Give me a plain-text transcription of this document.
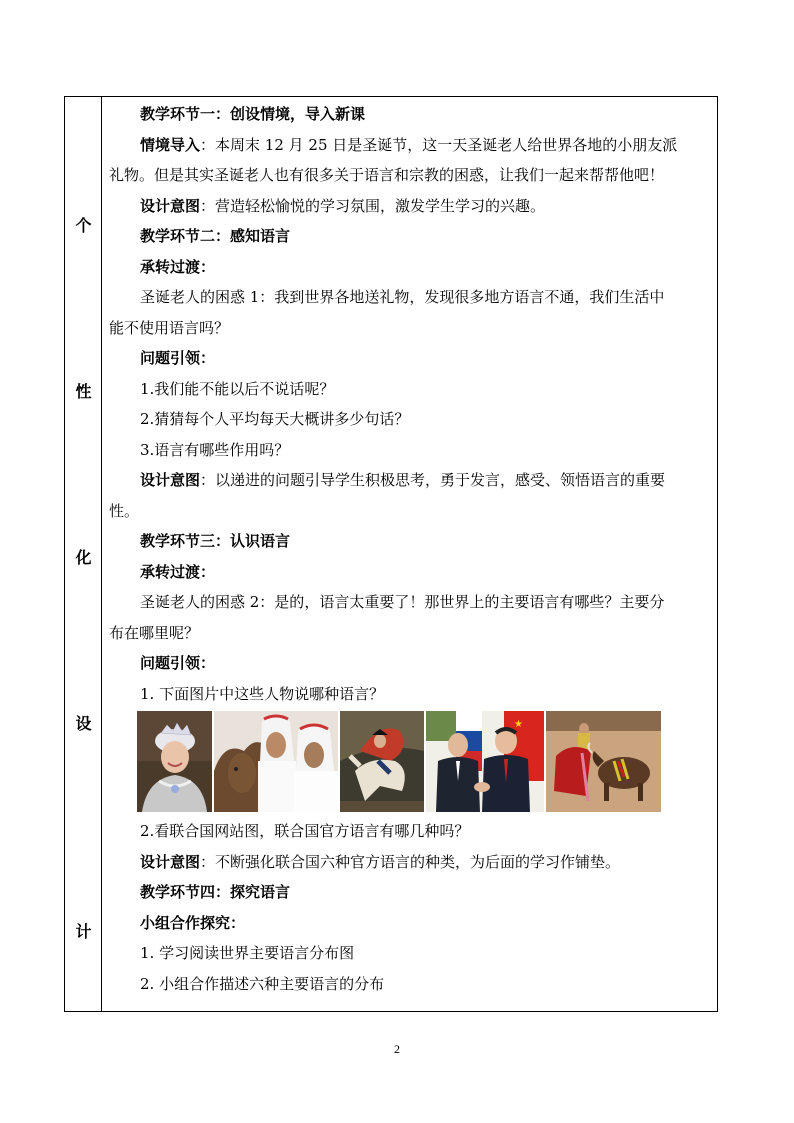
个
性
化
设
计
教学环节一：创设情境，导入新课
情境导入：本周末 12 月 25 日是圣诞节，这一天圣诞老人给世界各地的小朋友派
礼物。但是其实圣诞老人也有很多关于语言和宗教的困惑，让我们一起来帮帮他吧！
设计意图：营造轻松愉悦的学习氛围，激发学生学习的兴趣。
教学环节二：感知语言
承转过渡：
圣诞老人的困惑 1：我到世界各地送礼物，发现很多地方语言不通，我们生活中
能不使用语言吗？
问题引领：
1.我们能不能以后不说话呢？
2.猜猜每个人平均每天大概讲多少句话？
3.语言有哪些作用吗？
设计意图：以递进的问题引导学生积极思考，勇于发言，感受、领悟语言的重要
性。
教学环节三：认识语言
承转过渡：
圣诞老人的困惑 2：是的，语言太重要了！那世界上的主要语言有哪些？主要分
布在哪里呢？
问题引领：
1. 下面图片中这些人物说哪种语言？
★
2.看联合国网站图，联合国官方语言有哪几种吗？
设计意图：不断强化联合国六种官方语言的种类，为后面的学习作铺垫。
教学环节四：探究语言
小组合作探究：
1. 学习阅读世界主要语言分布图
2. 小组合作描述六种主要语言的分布
2
